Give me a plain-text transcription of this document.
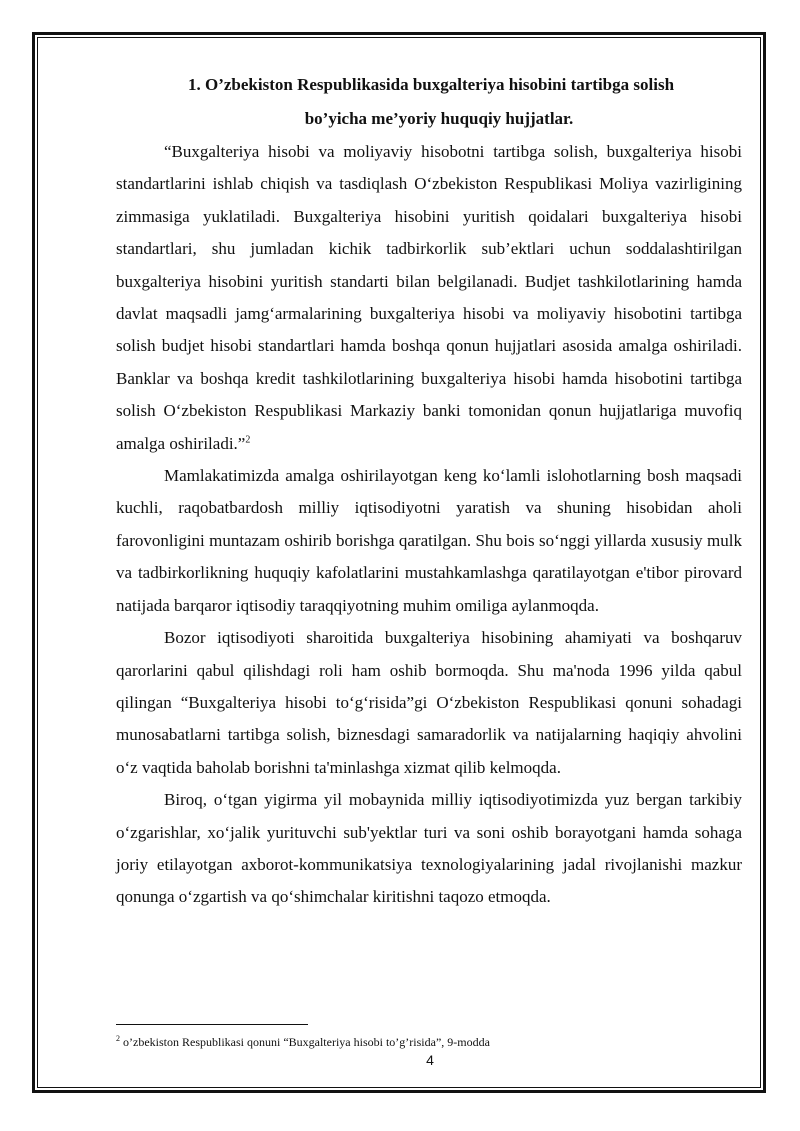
1. O’zbekiston Respublikasida buxgalteriya hisobini tartibga solish
bo’yicha me’yoriy huquqiy hujjatlar.

“Buxgalteriya hisobi va moliyaviy hisobotni tartibga solish, buxgalteriya hisobi standartlarini ishlab chiqish va tasdiqlash O‘zbekiston Respublikasi Moliya vazirligining zimmasiga yuklatiladi. Buxgalteriya hisobini yuritish qoidalari buxgalteriya hisobi standartlari, shu jumladan kichik tadbirkorlik sub’ektlari uchun soddalashtirilgan buxgalteriya hisobini yuritish standarti bilan belgilanadi. Budjet tashkilotlarining hamda davlat maqsadli jamg‘armalarining buxgalteriya hisobi va moliyaviy hisobotini tartibga solish budjet hisobi standartlari hamda boshqa qonun hujjatlari asosida amalga oshiriladi. Banklar va boshqa kredit tashkilotlarining buxgalteriya hisobi hamda hisobotini tartibga solish O‘zbekiston Respublikasi Markaziy banki tomonidan qonun hujjatlariga muvofiq amalga oshiriladi.”$^2$

Mamlakatimizda amalga oshirilayotgan keng ko‘lamli islohotlarning bosh maqsadi kuchli, raqobatbardosh milliy iqtisodiyotni yaratish va shuning hisobidan aholi farovonligini muntazam oshirib borishga qaratilgan. Shu bois so‘nggi yillarda xususiy mulk va tadbirkorlikning huquqiy kafolatlarini mustahkamlashga qaratilayotgan e'tibor pirovard natijada barqaror iqtisodiy taraqqiyotning muhim omiliga aylanmoqda.

Bozor iqtisodiyoti sharoitida buxgalteriya hisobining ahamiyati va boshqaruv qarorlarini qabul qilishdagi roli ham oshib bormoqda. Shu ma'noda 1996 yilda qabul qilingan “Buxgalteriya hisobi to‘g‘risida”gi O‘zbekiston Respublikasi qonuni sohadagi munosabatlarni tartibga solish, biznesdagi samaradorlik va natijalarning haqiqiy ahvolini o‘z vaqtida baholab borishni ta'minlashga xizmat qilib kelmoqda.

Biroq, o‘tgan yigirma yil mobaynida milliy iqtisodiyotimizda yuz bergan tarkibiy o‘zgarishlar, xo‘jalik yurituvchi sub'yektlar turi va soni oshib borayotgani hamda sohaga joriy etilayotgan axborot-kommunikatsiya texnologiyalarining jadal rivojlanishi mazkur qonunga o‘zgartish va qo‘shimchalar kiritishni taqozo etmoqda.

$^2$ o’zbekiston Respublikasi qonuni “Buxgalteriya hisobi to’g’risida”, 9-modda
4
